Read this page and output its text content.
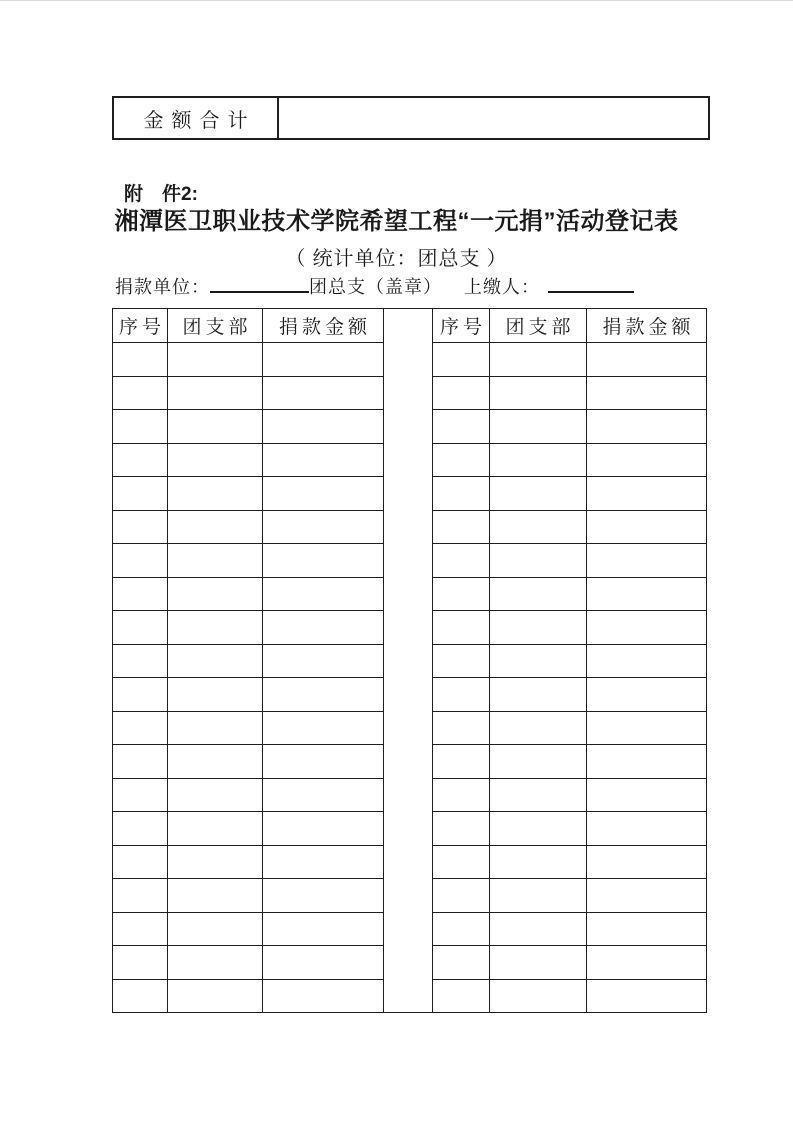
金额合计	
附　件2:
湘潭医卫职业技术学院希望工程“一元捐”活动登记表
（ 统计单位：团总支 ）
捐款单位：	团总支（盖章） 上缴人：
序号	团支部	捐款金额		序号	团支部	捐款金额
